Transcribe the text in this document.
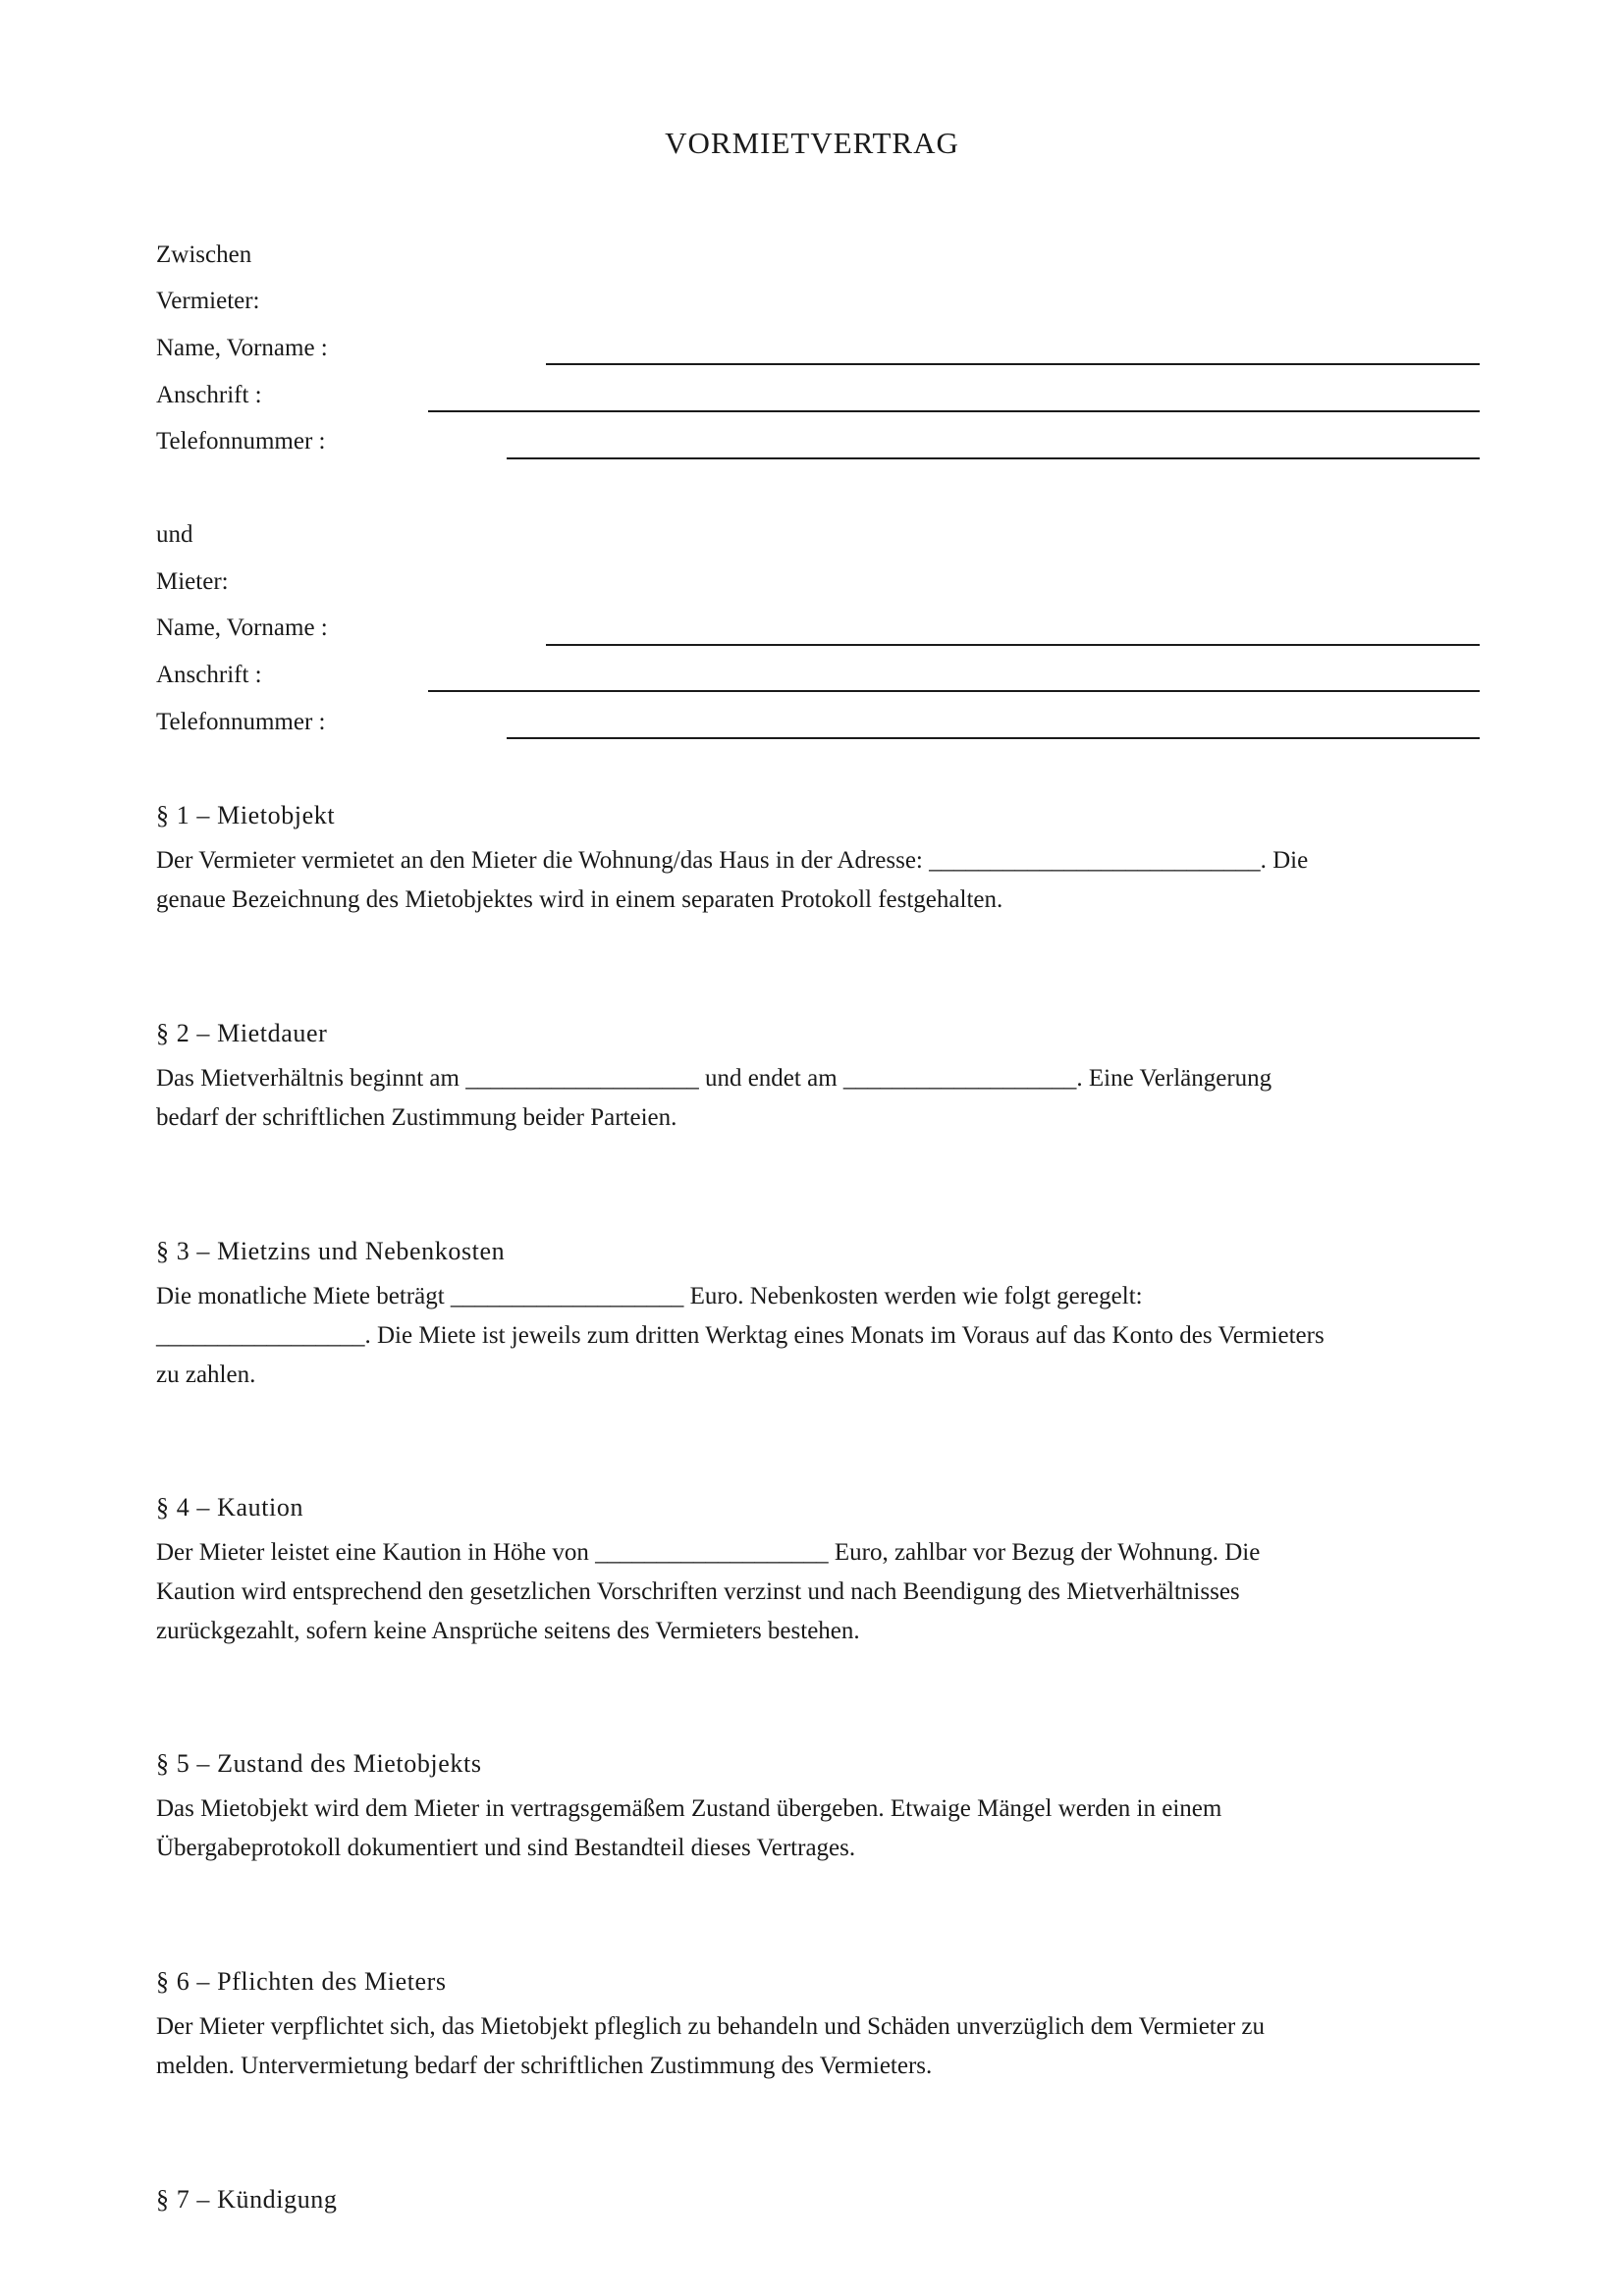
VORMIETVERTRAG
Zwischen
Vermieter:
Name, Vorname :
Anschrift :
Telefonnummer :
und
Mieter:
Name, Vorname :
Anschrift :
Telefonnummer :
§ 1 – Mietobjekt
Der Vermieter vermietet an den Mieter die Wohnung/das Haus in der Adresse: ___________________________. Die
genaue Bezeichnung des Mietobjektes wird in einem separaten Protokoll festgehalten.
§ 2 – Mietdauer
Das Mietverhältnis beginnt am ___________________ und endet am ___________________. Eine Verlängerung
bedarf der schriftlichen Zustimmung beider Parteien.
§ 3 – Mietzins und Nebenkosten
Die monatliche Miete beträgt ___________________ Euro. Nebenkosten werden wie folgt geregelt:
_________________. Die Miete ist jeweils zum dritten Werktag eines Monats im Voraus auf das Konto des Vermieters
zu zahlen.
§ 4 – Kaution
Der Mieter leistet eine Kaution in Höhe von ___________________ Euro, zahlbar vor Bezug der Wohnung. Die
Kaution wird entsprechend den gesetzlichen Vorschriften verzinst und nach Beendigung des Mietverhältnisses
zurückgezahlt, sofern keine Ansprüche seitens des Vermieters bestehen.
§ 5 – Zustand des Mietobjekts
Das Mietobjekt wird dem Mieter in vertragsgemäßem Zustand übergeben. Etwaige Mängel werden in einem
Übergabeprotokoll dokumentiert und sind Bestandteil dieses Vertrages.
§ 6 – Pflichten des Mieters
Der Mieter verpflichtet sich, das Mietobjekt pfleglich zu behandeln und Schäden unverzüglich dem Vermieter zu
melden. Untervermietung bedarf der schriftlichen Zustimmung des Vermieters.
§ 7 – Kündigung
